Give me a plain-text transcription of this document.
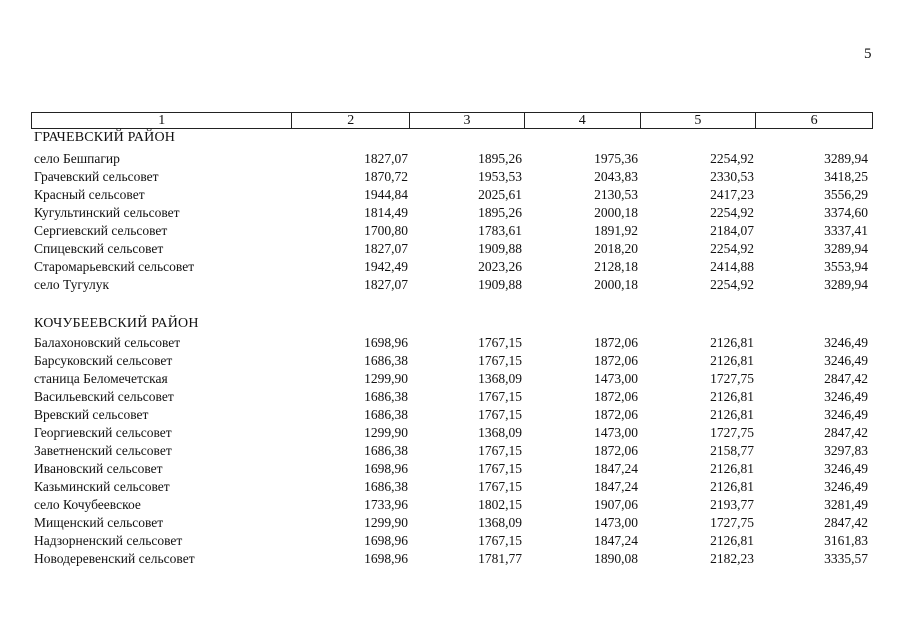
5
1	2	3	4	5	6
ГРАЧЕВСКИЙ РАЙОН
село Бешпагир	1827,07	1895,26	1975,36	2254,92	3289,94
Грачевский сельсовет	1870,72	1953,53	2043,83	2330,53	3418,25
Красный сельсовет	1944,84	2025,61	2130,53	2417,23	3556,29
Кугультинский сельсовет	1814,49	1895,26	2000,18	2254,92	3374,60
Сергиевский сельсовет	1700,80	1783,61	1891,92	2184,07	3337,41
Спицевский сельсовет	1827,07	1909,88	2018,20	2254,92	3289,94
Старомарьевский сельсовет	1942,49	2023,26	2128,18	2414,88	3553,94
село Тугулук	1827,07	1909,88	2000,18	2254,92	3289,94
КОЧУБЕЕВСКИЙ РАЙОН
Балахоновский сельсовет	1698,96	1767,15	1872,06	2126,81	3246,49
Барсуковский сельсовет	1686,38	1767,15	1872,06	2126,81	3246,49
станица Беломечетская	1299,90	1368,09	1473,00	1727,75	2847,42
Васильевский сельсовет	1686,38	1767,15	1872,06	2126,81	3246,49
Вревский сельсовет	1686,38	1767,15	1872,06	2126,81	3246,49
Георгиевский сельсовет	1299,90	1368,09	1473,00	1727,75	2847,42
Заветненский сельсовет	1686,38	1767,15	1872,06	2158,77	3297,83
Ивановский сельсовет	1698,96	1767,15	1847,24	2126,81	3246,49
Казьминский сельсовет	1686,38	1767,15	1847,24	2126,81	3246,49
село Кочубеевское	1733,96	1802,15	1907,06	2193,77	3281,49
Мищенский сельсовет	1299,90	1368,09	1473,00	1727,75	2847,42
Надзорненский сельсовет	1698,96	1767,15	1847,24	2126,81	3161,83
Новодеревенский сельсовет	1698,96	1781,77	1890,08	2182,23	3335,57
